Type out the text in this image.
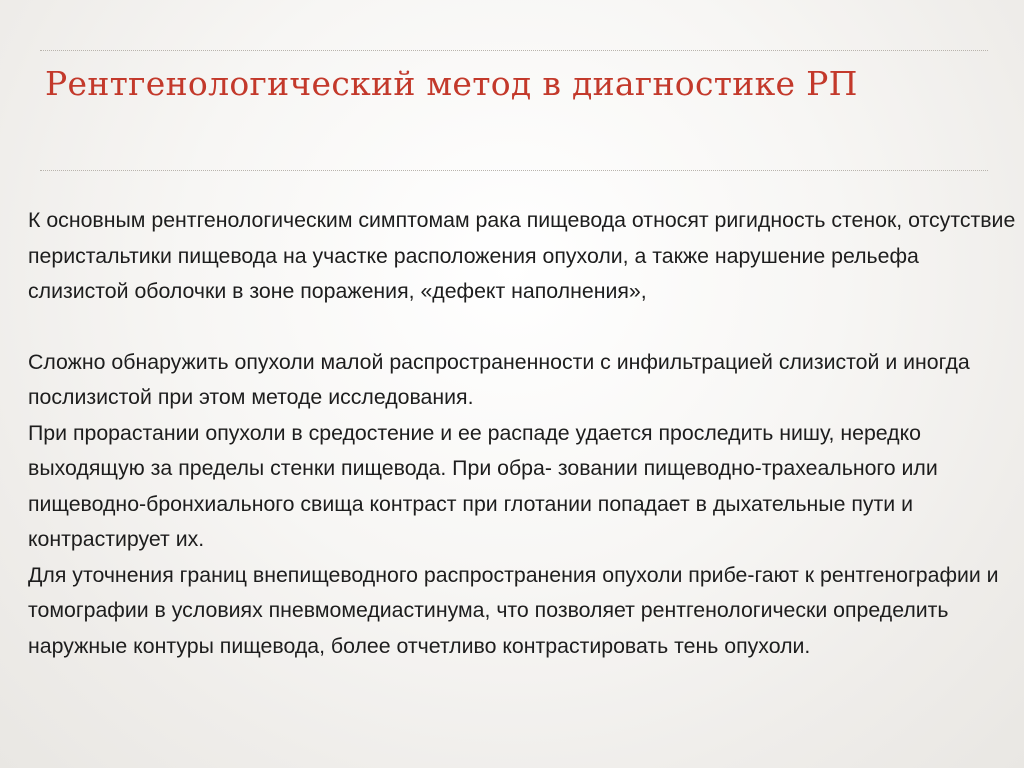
Рентгенологический метод в диагностике РП

К основным рентгенологическим симптомам рака пищевода относят ригидность стенок, отсутствие перистальтики пищевода на участке расположения опухоли, а также нарушение рельефа слизистой оболочки в зоне поражения, «дефект наполнения»,

Сложно обнаружить опухоли малой распространенности с инфильтрацией слизистой и иногда послизистой при этом методе исследования.

При прорастании опухоли в средостение и ее распаде удается проследить нишу, нередко выходящую за пределы стенки пищевода. При обра- зовании пищеводно-трахеального или пищеводно-бронхиального свища контраст при глотании попадает в дыхательные пути и контрастирует их.

Для уточнения границ внепищеводного распространения опухоли прибе-гают к рентгенографии и томографии в условиях пневмомедиастинума, что позволяет рентгенологически определить наружные контуры пищевода, более отчетливо контрастировать тень опухоли.
